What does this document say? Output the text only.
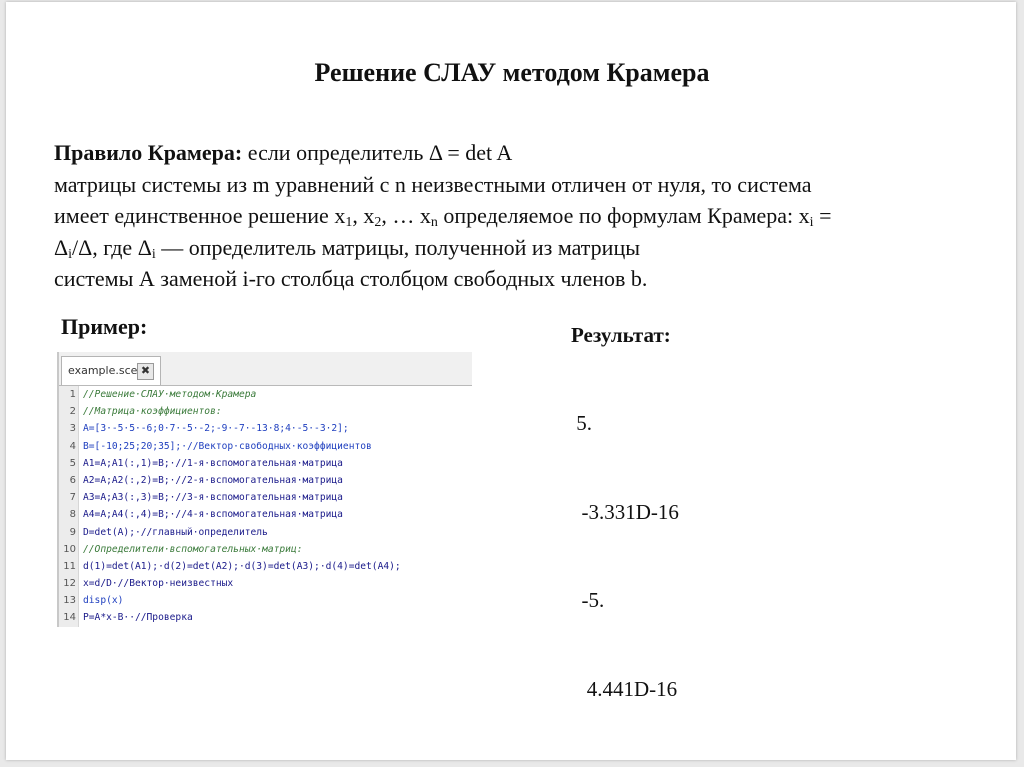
Решение СЛАУ методом Крамера
Правило Крамера: если определитель Δ = det A
матрицы системы из m уравнений с n неизвестными отличен от нуля, то система
имеет единственное решение $x_1$, $x_2$, … $x_n$ определяемое по формулам Крамера: $x_i$ =
$\Delta_i/\Delta$, где $\Delta_i$ — определитель матрицы, полученной из матрицы
системы А заменой i-го столбца столбцом свободных членов b.
Пример:
example.sce ✖
1 //Решение·СЛАУ·методом·Крамера
2 //Матрица·коэффициентов:
3 A=[3·-5·5·-6;0·7·-5·-2;-9·-7·-13·8;4·-5·-3·2];
4 B=[-10;25;20;35];·//Вектор·свободных·коэффициентов
5 A1=A;A1(:,1)=B;·//1-я·вспомогательная·матрица
6 A2=A;A2(:,2)=B;·//2-я·вспомогательная·матрица
7 A3=A;A3(:,3)=B;·//3-я·вспомогательная·матрица
8 A4=A;A4(:,4)=B;·//4-я·вспомогательная·матрица
9 D=det(A);·//главный·определитель
10 //Определители·вспомогательных·матриц:
11 d(1)=det(A1);·d(2)=det(A2);·d(3)=det(A3);·d(4)=det(A4);
12 x=d/D·//Вектор·неизвестных
13 disp(x)
14 P=A*x-B··//Проверка
Результат:

5.

-3.331D-16

-5.

4.441D-16
